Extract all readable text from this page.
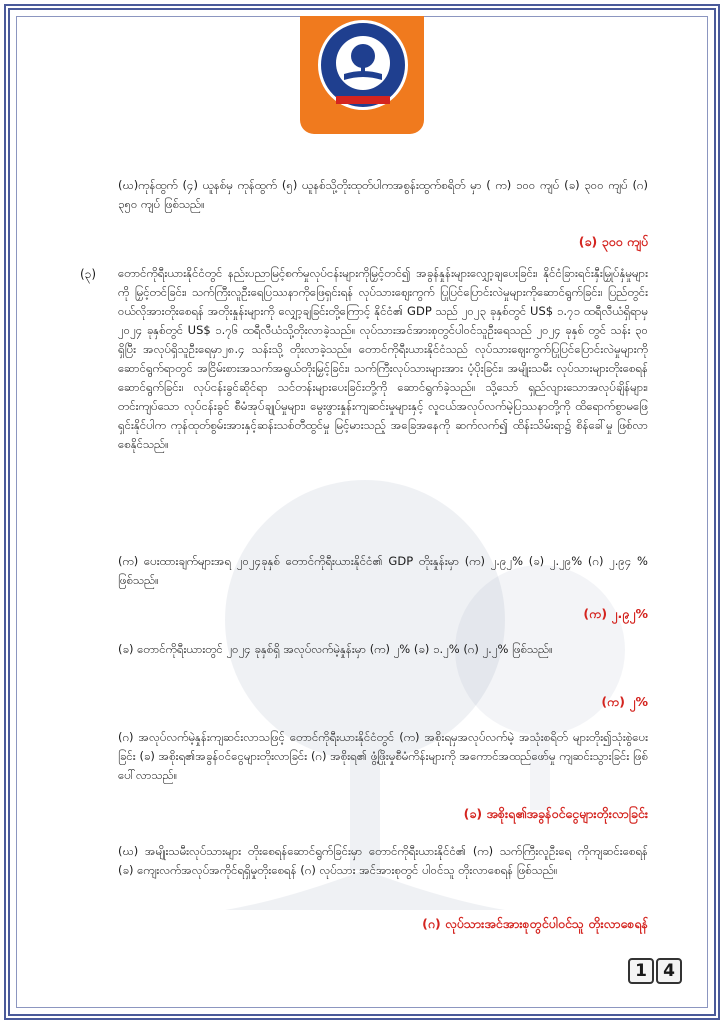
(ဃ)ကုန်ထွက် (၄) ယူနစ်မှ ကုန်ထွက် (၅) ယူနစ်သို့တိုးထုတ်ပါကအစွန်းထွက်စရိတ် မှာ ( က) ၁၀၀ ကျပ် (ခ) ၃၀၀ ကျပ် (ဂ) ၃၅၀ ကျပ် ဖြစ်သည်။
(ခ) ၃၀၀ ကျပ်
(၃) တောင်ကိုရီးယားနိုင်ငံတွင် နည်းပညာမြင့်စက်မှုလုပ်ငန်းများကိုမြှင့်တင်၍ အခွန်နှုန်းများလျှော့ချပေးခြင်း၊ နိုင်ငံခြားရင်းနှီးမြှုပ်နှံမှုများကို မြှင့်တင်ခြင်း၊ သက်ကြီးလူဦးရေပြဿနာကိုဖြေရှင်းရန် လုပ်သားဈေးကွက် ပြုပြင်ပြောင်းလဲမှုများကိုဆောင်ရွက်ခြင်း၊ ပြည်တွင်းဝယ်လိုအားတိုးစေရန် အတိုးနှုန်းများကို လျှော့ချခြင်းတို့ကြောင့် နိုင်ငံ၏ GDP သည် ၂၀၂၃ ခုနှစ်တွင် US$ ၁.၇၁ ထရီလီယံရှိရာမှ ၂၀၂၄ ခုနှစ်တွင် US$ ၁.၇၆ ထရီလီယံသို့တိုးလာခဲ့သည်။ လုပ်သားအင်အားစုတွင်ပါဝင်သူဦးရေသည် ၂၀၂၄ ခုနှစ် တွင် သန်း ၃၀ ရှိပြီး အလုပ်ရှိသူဦးရေမှာ၂၈.၄ သန်းသို့ တိုးလာခဲ့သည်။ တောင်ကိုရီးယားနိုင်ငံသည် လုပ်သားဈေးကွက်ပြုပြင်ပြောင်းလဲမှုများကိုဆောင်ရွက်ရာတွင် အငြိမ်းစားအသက်အရွယ်တိုးမြှင့်ခြင်း၊ သက်ကြီးလုပ်သားများအား ပံ့ပိုးခြင်း၊ အမျိုးသမီး လုပ်သားများတိုးစေရန်ဆောင်ရွက်ခြင်း၊ လုပ်ငန်းခွင်ဆိုင်ရာ သင်တန်းများပေးခြင်းတို့ကို ဆောင်ရွက်ခဲ့သည်။ သို့သော် ရှည်လျားသောအလုပ်ချိန်များ၊ တင်းကျပ်သော လုပ်ငန်းခွင် စီမံအုပ်ချုပ်မှုများ၊ မွေးဖွားနှုန်းကျဆင်းမှုများနှင့် လူငယ်အလုပ်လက်မဲ့ပြဿနာတို့ကို ထိရောက်စွာမဖြေရှင်းနိုင်ပါက ကုန်ထုတ်စွမ်းအားနှင့်ဆန်းသစ်တီထွင်မှု မြင့်မားသည့် အခြေအနေကို ဆက်လက်၍ ထိန်းသိမ်းရာ၌ စိန်ခေါ်မှု ဖြစ်လာစေနိုင်သည်။
(က) ပေးထားချက်များအရ ၂၀၂၄ခုနှစ် တောင်ကိုရီးယားနိုင်ငံ၏ GDP တိုးနှုန်းမှာ (က) ၂.၉၂% (ခ) ၂.၂၉% (ဂ) ၂.၉၄ % ဖြစ်သည်။
(က) ၂.၉၂%
(ခ) တောင်ကိုရီးယားတွင် ၂၀၂၄ ခုနှစ်ရှိ အလုပ်လက်မဲ့နှုန်းမှာ (က) ၂% (ခ) ၁.၂% (ဂ) ၂.၂% ဖြစ်သည်။
(က) ၂%
(ဂ) အလုပ်လက်မဲ့နှုန်းကျဆင်းလာသဖြင့် တောင်ကိုရီးယားနိုင်ငံတွင် (က) အစိုးရမှအလုပ်လက်မဲ့ အသုံးစရိတ် များတိုး၍သုံးစွဲပေးခြင်း (ခ) အစိုးရ၏အခွန်ဝင်ငွေများတိုးလာခြင်း (ဂ) အစိုးရ၏ ဖွံ့ဖြိုးမှုစီမံကိန်းများကို အကောင်အထည်ဖော်မှု ကျဆင်းသွားခြင်း ဖြစ်ပေါ်လာသည်။
(ခ) အစိုးရ၏အခွန်ဝင်ငွေများတိုးလာခြင်း
(ဃ) အမျိုးသမီးလုပ်သားများ တိုးစေရန်ဆောင်ရွက်ခြင်းမှာ တောင်ကိုရီးယားနိုင်ငံ၏ (က) သက်ကြီးလူဦးရေ ကိုကျဆင်းစေရန် (ခ) ကျေးလက်အလုပ်အကိုင်ရရှိမှုတိုးစေရန် (ဂ) လုပ်သား အင်အားစုတွင် ပါဝင်သူ တိုးလာစေရန် ဖြစ်သည်။
(ဂ) လုပ်သားအင်အားစုတွင်ပါဝင်သူ တိုးလာစေရန်
1 4
